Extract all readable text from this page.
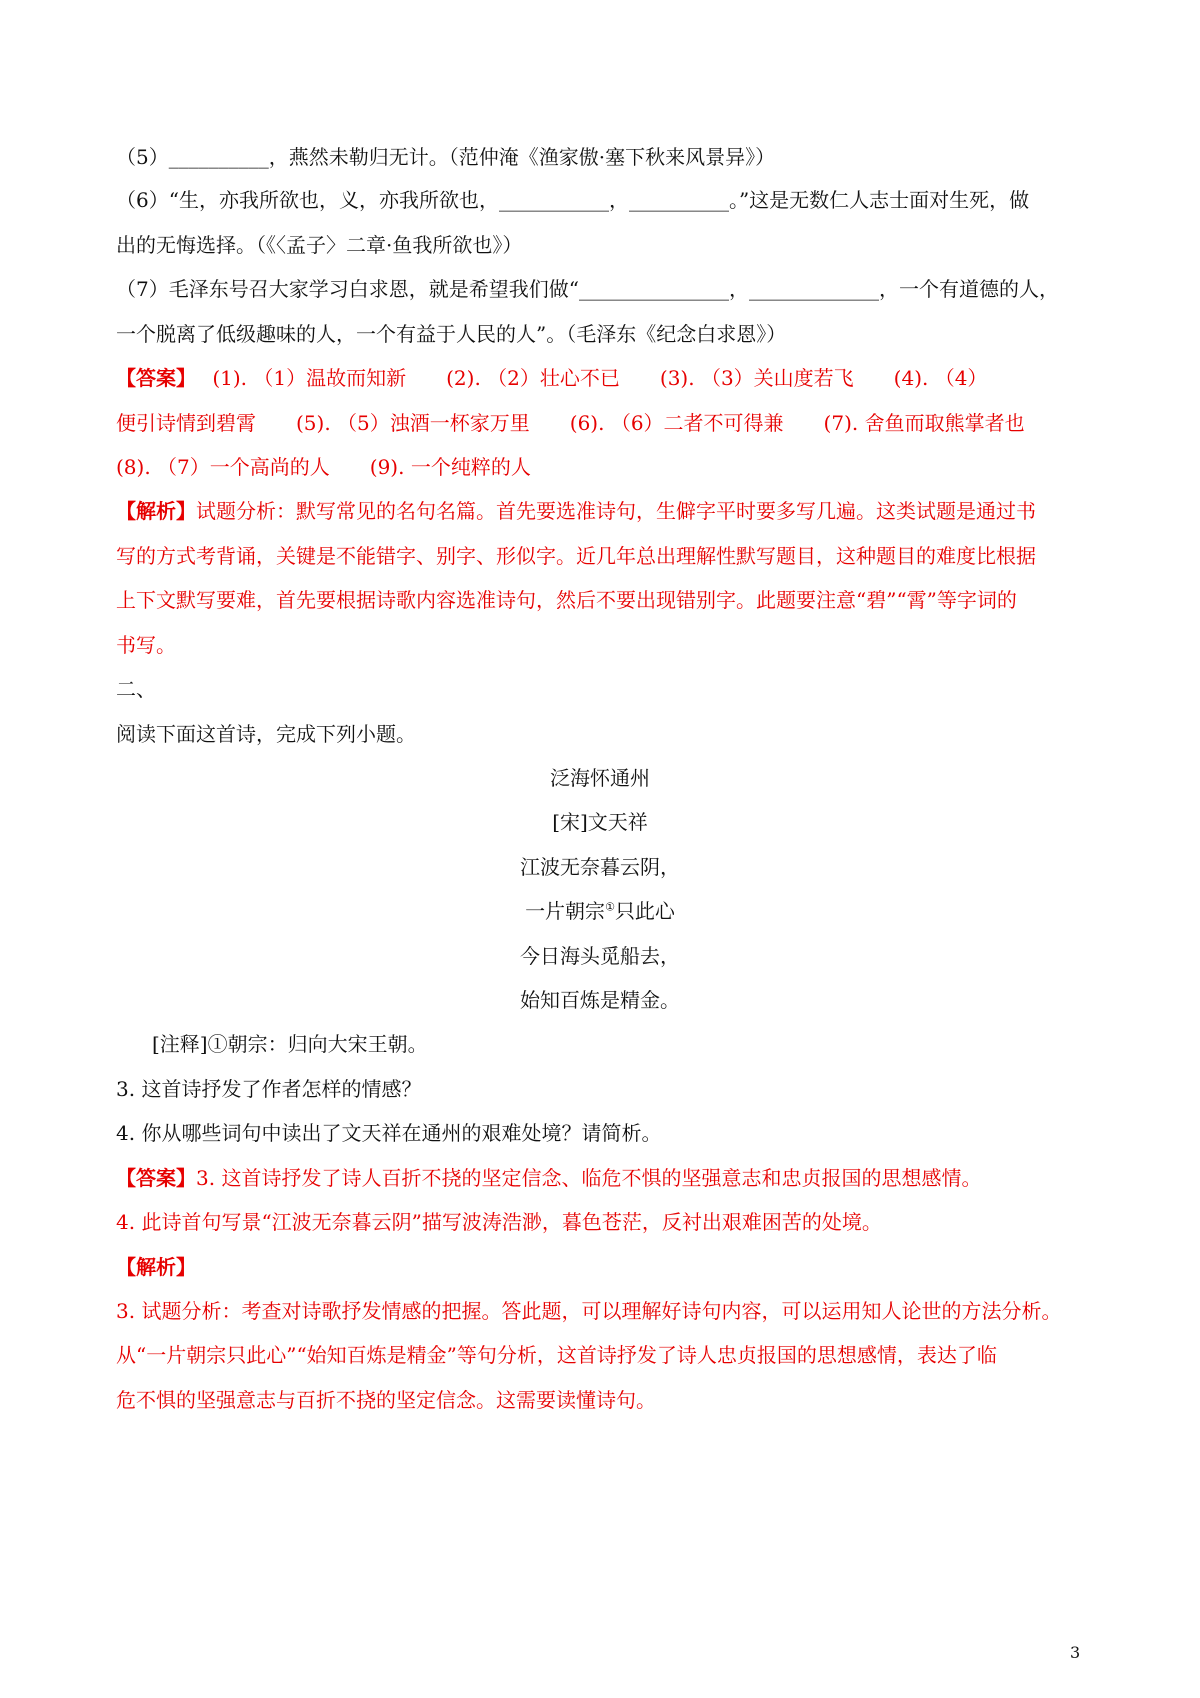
（5）__________，燕然未勒归无计。（范仲淹《渔家傲·塞下秋来风景异》）
（6）“生，亦我所欲也，义，亦我所欲也，___________，__________。”这是无数仁人志士面对生死，做
出的无悔选择。（《〈孟子〉二章·鱼我所欲也》）
（7）毛泽东号召大家学习白求恩，就是希望我们做“_______________，_____________，一个有道德的人，
一个脱离了低级趣味的人，一个有益于人民的人”。（毛泽东《纪念白求恩》）
【答案】　 (1). （1）温故而知新　　(2). （2）壮心不已　　(3). （3）关山度若飞　　(4). （4）
便引诗情到碧霄　　(5). （5）浊酒一杯家万里　　(6). （6）二者不可得兼　　(7). 舍鱼而取熊掌者也
(8). （7）一个高尚的人　　(9). 一个纯粹的人
【解析】试题分析：默写常见的名句名篇。首先要选准诗句，生僻字平时要多写几遍。这类试题是通过书
写的方式考背诵，关键是不能错字、别字、形似字。近几年总出理解性默写题目，这种题目的难度比根据
上下文默写要难，首先要根据诗歌内容选准诗句，然后不要出现错别字。此题要注意“碧”“霄”等字词的
书写。
二、
阅读下面这首诗，完成下列小题。
泛海怀通州
[宋]文天祥
江波无奈暮云阴，
一片朝宗①只此心
今日海头觅船去，
始知百炼是精金。
[注释]①朝宗：归向大宋王朝。
3. 这首诗抒发了作者怎样的情感？
4. 你从哪些词句中读出了文天祥在通州的艰难处境？请简析。
【答案】3. 这首诗抒发了诗人百折不挠的坚定信念、临危不惧的坚强意志和忠贞报国的思想感情。
4. 此诗首句写景“江波无奈暮云阴”描写波涛浩渺，暮色苍茫，反衬出艰难困苦的处境。
【解析】
3. 试题分析：考查对诗歌抒发情感的把握。答此题，可以理解好诗句内容，可以运用知人论世的方法分析。
从“一片朝宗只此心”“始知百炼是精金”等句分析，这首诗抒发了诗人忠贞报国的思想感情，表达了临
危不惧的坚强意志与百折不挠的坚定信念。这需要读懂诗句。
3
